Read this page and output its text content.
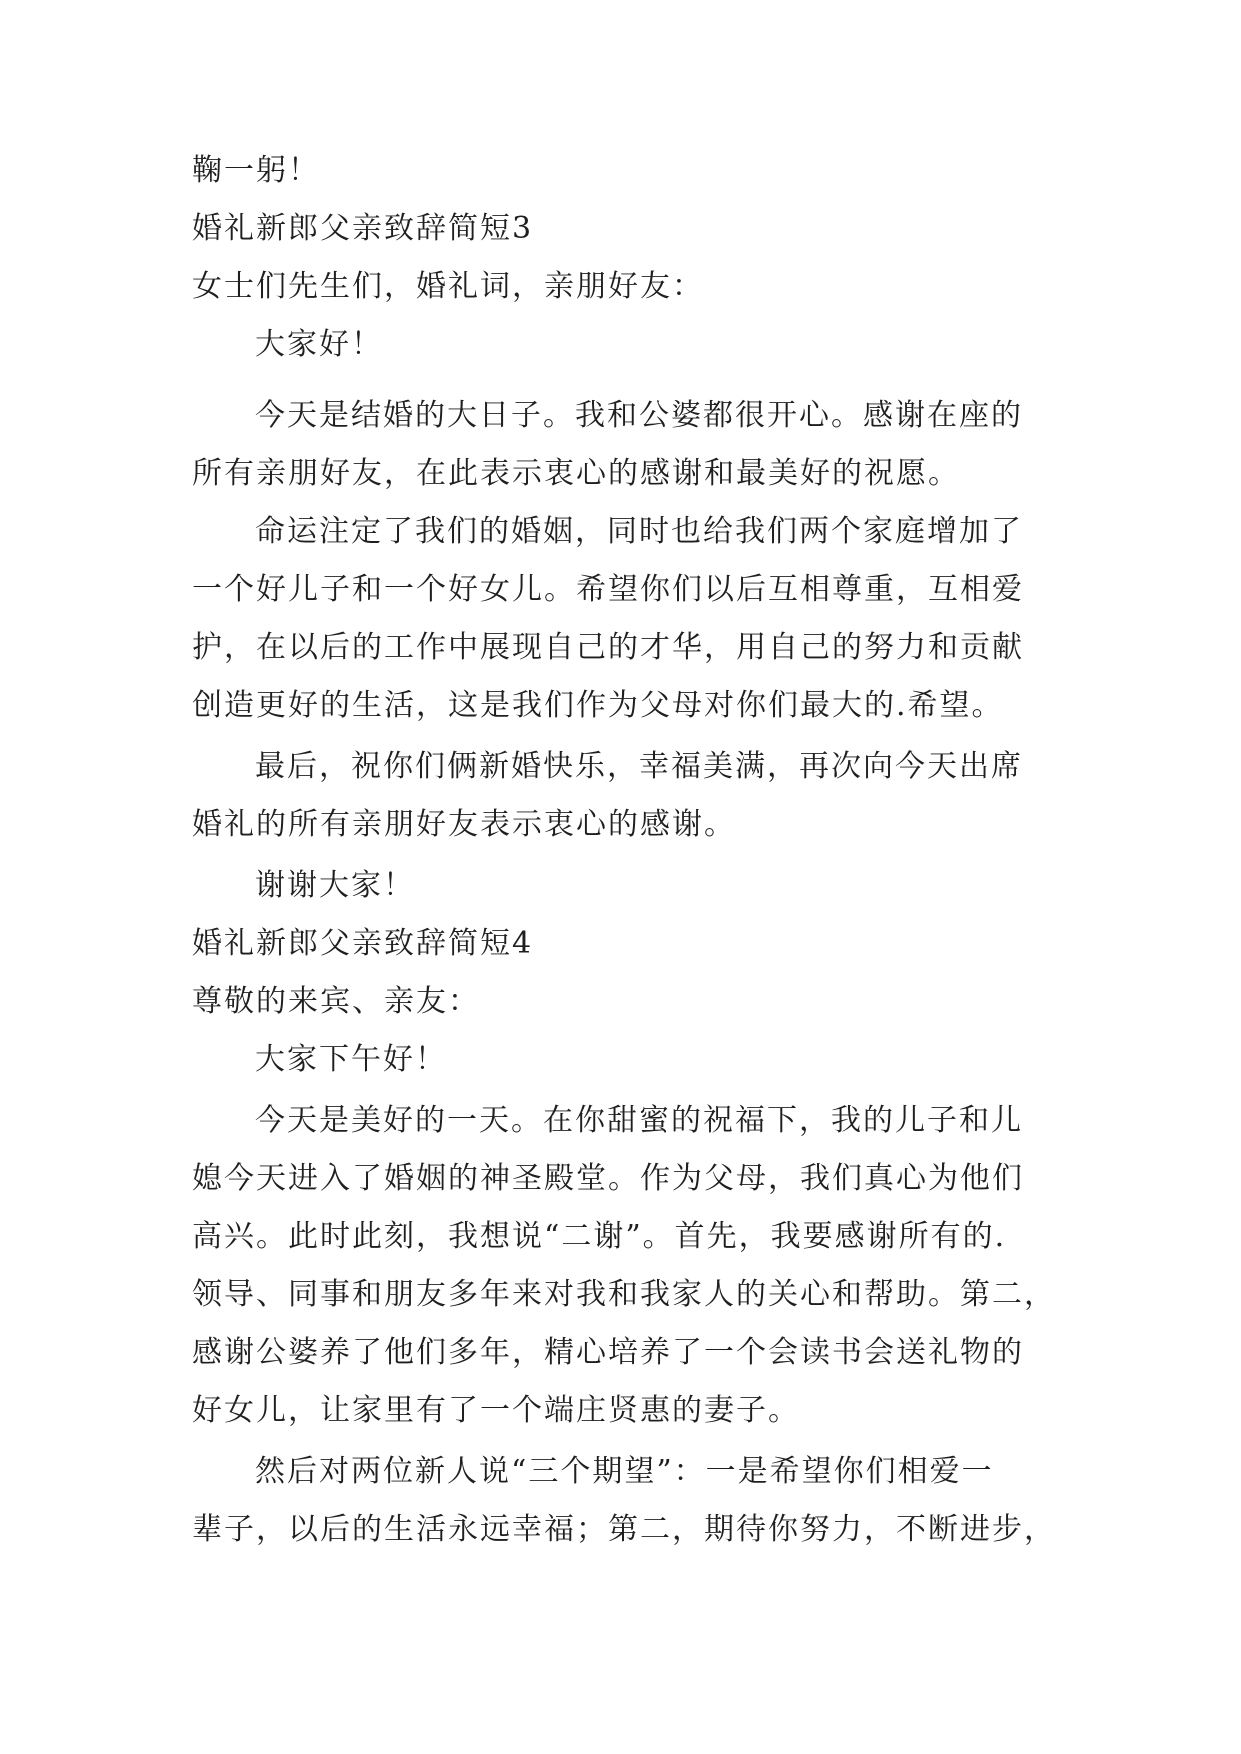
鞠一躬！
婚礼新郎父亲致辞简短3
女士们先生们，婚礼词，亲朋好友：
大家好！
今天是结婚的大日子。我和公婆都很开心。感谢在座的
所有亲朋好友，在此表示衷心的感谢和最美好的祝愿。
命运注定了我们的婚姻，同时也给我们两个家庭增加了
一个好儿子和一个好女儿。希望你们以后互相尊重，互相爱
护，在以后的工作中展现自己的才华，用自己的努力和贡献
创造更好的生活，这是我们作为父母对你们最大的.希望。
最后，祝你们俩新婚快乐，幸福美满，再次向今天出席
婚礼的所有亲朋好友表示衷心的感谢。
谢谢大家！
婚礼新郎父亲致辞简短4
尊敬的来宾、亲友：
大家下午好！
今天是美好的一天。在你甜蜜的祝福下，我的儿子和儿
媳今天进入了婚姻的神圣殿堂。作为父母，我们真心为他们
高兴。此时此刻，我想说“二谢”。首先，我要感谢所有的.
领导、同事和朋友多年来对我和我家人的关心和帮助。第二，
感谢公婆养了他们多年，精心培养了一个会读书会送礼物的
好女儿，让家里有了一个端庄贤惠的妻子。
然后对两位新人说“三个期望”：一是希望你们相爱一
辈子，以后的生活永远幸福；第二，期待你努力，不断进步，
